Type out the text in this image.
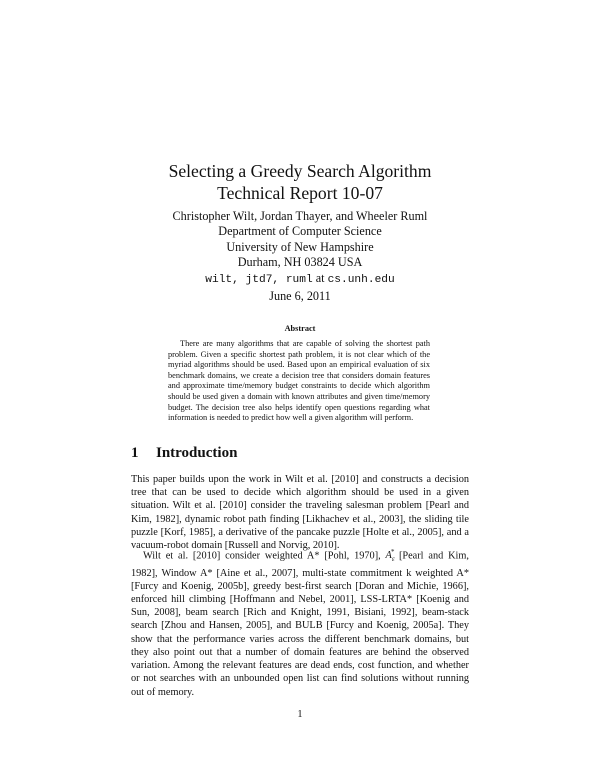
Selecting a Greedy Search Algorithm
Technical Report 10-07
Christopher Wilt, Jordan Thayer, and Wheeler Ruml
Department of Computer Science
University of New Hampshire
Durham, NH 03824 USA
wilt, jtd7, ruml at cs.unh.edu
June 6, 2011
Abstract
There are many algorithms that are capable of solving the shortest path problem. Given a specific shortest path problem, it is not clear which of the myriad algorithms should be used. Based upon an empirical evaluation of six benchmark domains, we create a decision tree that considers domain features and approximate time/memory budget constraints to decide which algorithm should be used given a domain with known attributes and given time/memory budget. The decision tree also helps identify open questions regarding what information is needed to predict how well a given algorithm will perform.
1 Introduction
This paper builds upon the work in Wilt et al. [2010] and constructs a decision tree that can be used to decide which algorithm should be used in a given situation. Wilt et al. [2010] consider the traveling salesman problem [Pearl and Kim, 1982], dynamic robot path finding [Likhachev et al., 2003], the sliding tile puzzle [Korf, 1985], a derivative of the pancake puzzle [Holte et al., 2005], and a vacuum-robot domain [Russell and Norvig, 2010].
Wilt et al. [2010] consider weighted A* [Pohl, 1970], $A_\varepsilon^*$ [Pearl and Kim, 1982], Window A* [Aine et al., 2007], multi-state commitment k weighted A* [Furcy and Koenig, 2005b], greedy best-first search [Doran and Michie, 1966], enforced hill climbing [Hoffmann and Nebel, 2001], LSS-LRTA* [Koenig and Sun, 2008], beam search [Rich and Knight, 1991, Bisiani, 1992], beam-stack search [Zhou and Hansen, 2005], and BULB [Furcy and Koenig, 2005a]. They show that the performance varies across the different benchmark domains, but they also point out that a number of domain features are behind the observed variation. Among the relevant features are dead ends, cost function, and whether or not searches with an unbounded open list can find solutions without running out of memory.
1
